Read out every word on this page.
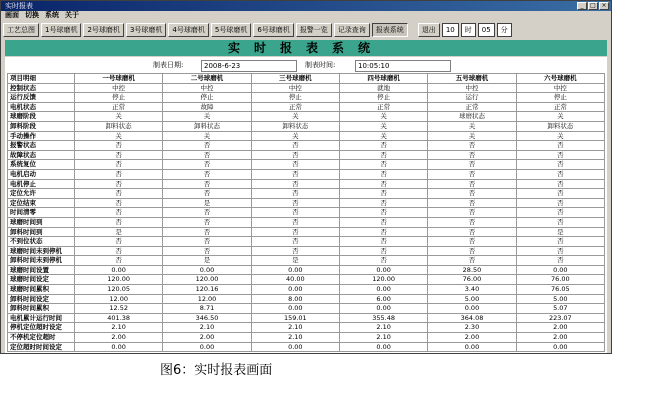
实时报表	_	□ ×
画面 切换 系统 关于
工艺总图	1号球磨机	2号球磨机	3号球磨机	4号球磨机	5号球磨机	6号球磨机	报警一览	记录查询	报表系统	退出	10	时	05	分
实时报表系统
制表日期:	2008-6-23	制表时间:	10:05:10
项目明细	一号球磨机	二号球磨机	三号球磨机	四号球磨机	五号球磨机	六号球磨机
控制状态	中控	中控	中控	就地	中控	中控
运行反馈	停止	停止	停止	停止	运行	停止
电机状态	正常	故障	正常	正常	正常	正常
球磨阶段	关	关	关	关	球磨状态	关
卸料阶段	卸料状态	卸料状态	卸料状态	关	关	卸料状态
手动操作	关	关	关	关	关	关
报警状态	否	否	否	否	否	否
故障状态	否	否	否	否	否	否
系统复位	否	否	否	否	否	否
电机启动	否	否	否	否	否	否
电机停止	否	否	否	否	否	否
定位允许	否	否	否	否	否	否
定位结束	否	是	否	否	否	否
时间清零	否	否	否	否	否	否
球磨时间到	否	否	否	否	否	否
卸料时间到	是	否	否	否	否	是
不到位状态	否	否	否	否	否	否
球磨时间未到停机	否	否	否	否	否	否
卸料时间未到停机	否	是	是	否	否	否
球磨时间设置	0.00	0.00	0.00	0.00	28.50	0.00
球磨时间设定	120.00	120.00	40.00	120.00	76.00	76.00
球磨时间累积	120.05	120.16	0.00	0.00	3.40	76.05
卸料时间设定	12.00	12.00	8.00	6.00	5.00	5.00
卸料时间累积	12.52	8.71	0.00	0.00	0.00	5.07
电机累计运行时间	401.38	346.50	159.01	355.48	364.08	223.07
停机定位超时设定	2.10	2.10	2.10	2.10	2.30	2.00
不停机定位超时	2.00	2.00	2.10	2.10	2.00	2.00
定位超时时间设定	0.00	0.00	0.00	0.00	0.00	0.00
图6：实时报表画面
